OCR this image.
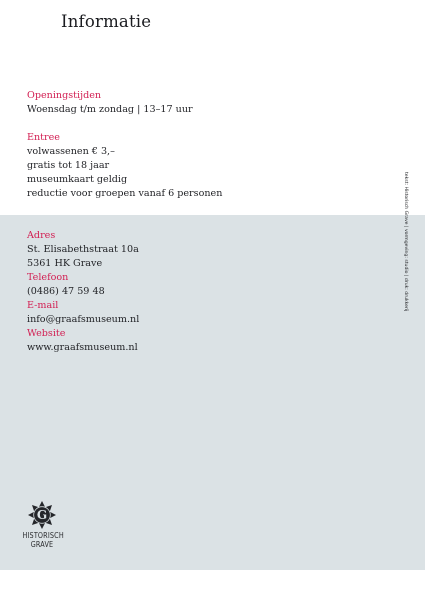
Informatie
Openingstijden
Woensdag t/m zondag | 13–17 uur
Entree
volwassenen € 3,–
gratis tot 18 jaar
museumkaart geldig
reductie voor groepen vanaf 6 personen
Adres
St. Elisabethstraat 10a
5361 HK Grave
Telefoon
(0486) 47 59 48
E-mail
info@graafsmuseum.nl
Website
www.graafsmuseum.nl
G
HISTORISCH
GRAVE
tekst: Historisch Grave | vormgeving: studio | druk: drukkerij
